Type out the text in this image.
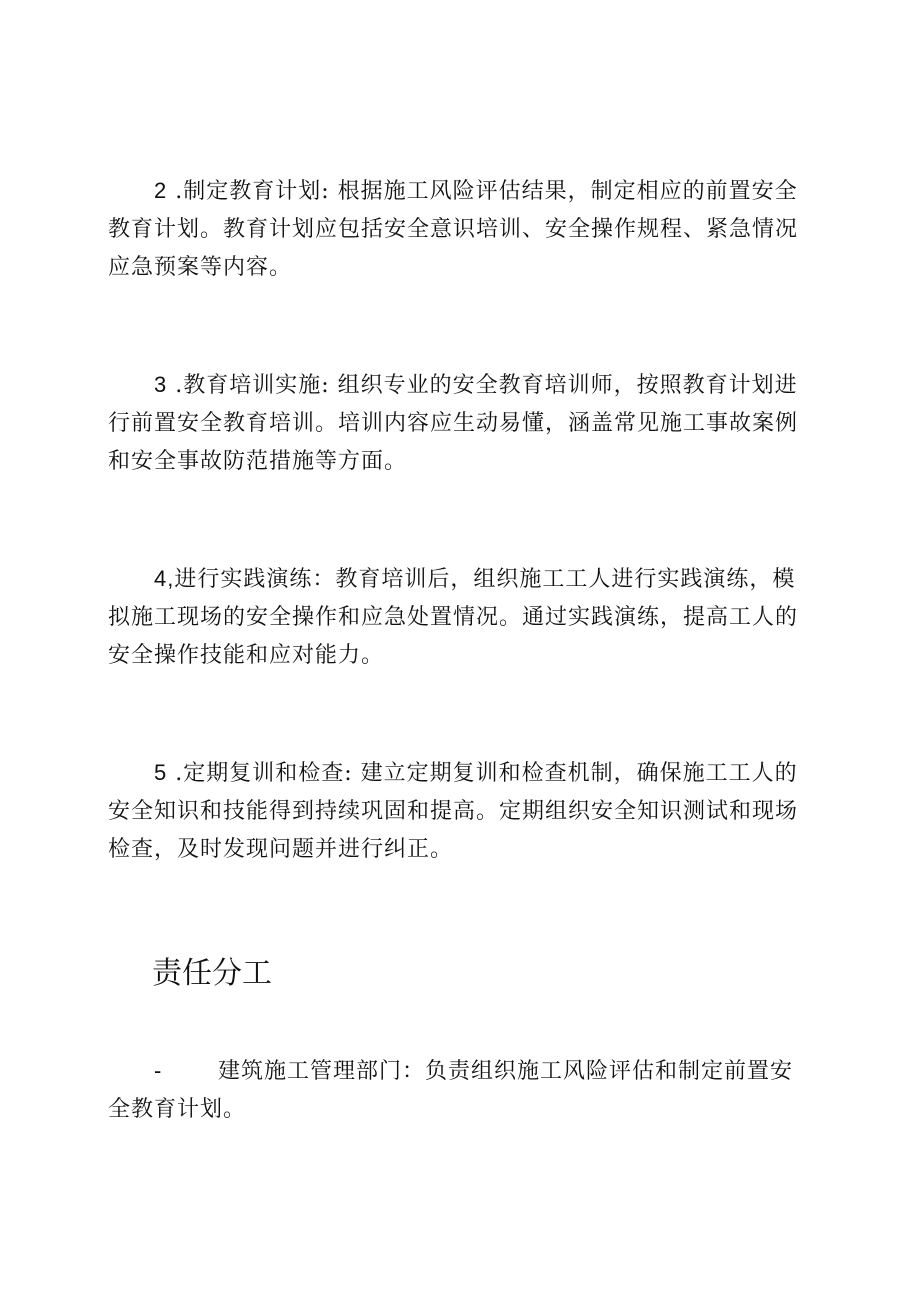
2 .制定教育计划: 根据施工风险评估结果，制定相应的前置安全教育计划。教育计划应包括安全意识培训、安全操作规程、紧急情况应急预案等内容。

3 .教育培训实施: 组织专业的安全教育培训师，按照教育计划进行前置安全教育培训。培训内容应生动易懂，涵盖常见施工事故案例和安全事故防范措施等方面。

4,进行实践演练：教育培训后，组织施工工人进行实践演练，模拟施工现场的安全操作和应急处置情况。通过实践演练，提高工人的安全操作技能和应对能力。

5 .定期复训和检查: 建立定期复训和检查机制，确保施工工人的安全知识和技能得到持续巩固和提高。定期组织安全知识测试和现场检查，及时发现问题并进行纠正。

责任分工

-	建筑施工管理部门：负责组织施工风险评估和制定前置安全教育计划。
